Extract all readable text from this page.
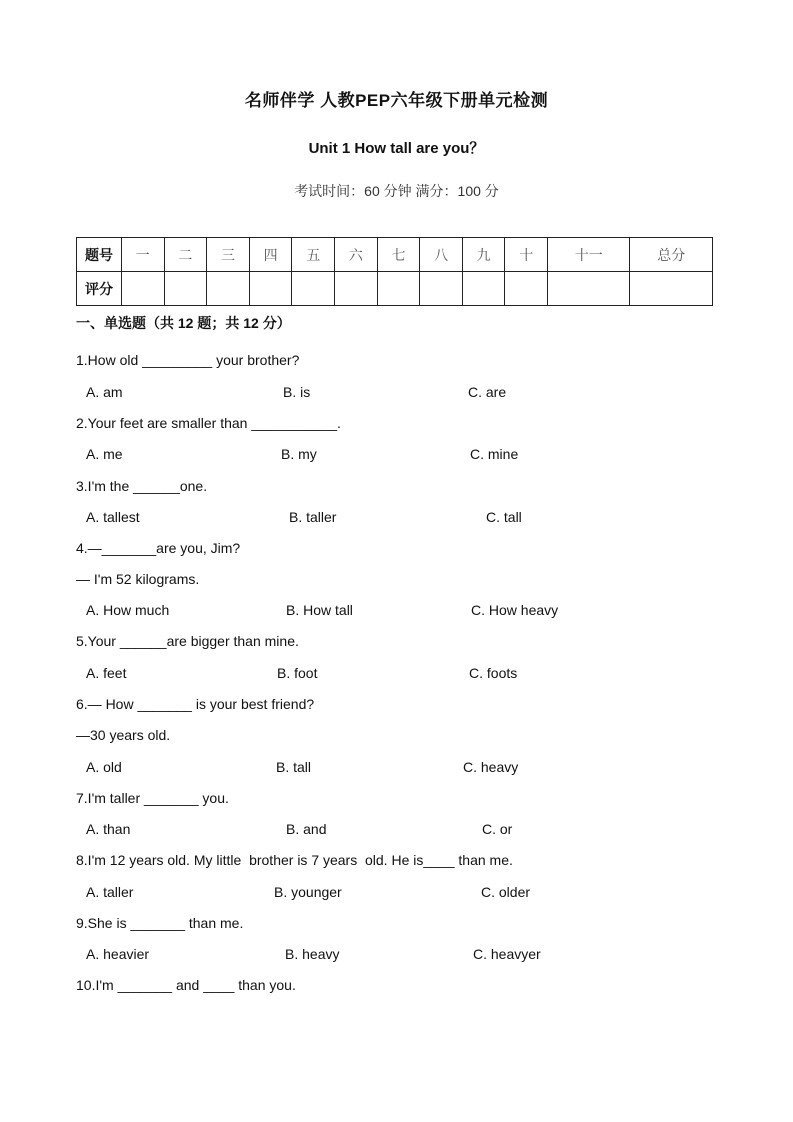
名师伴学 人教PEP六年级下册单元检测
Unit 1 How tall are you？
考试时间：60 分钟 满分：100 分
题号	一	二	三	四	五	六	七	八	九	十	十一	总分
评分												
一、单选题（共 12 题；共 12 分）
1.How old _________ your brother?
A. am	B. is	C. are
2.Your feet are smaller than ___________.
A. me	B. my	C. mine
3.I'm the ______one.
A. tallest	B. taller	C. tall
4.—_______are you, Jim?
— I'm 52 kilograms.
A. How much	B. How tall	C. How heavy
5.Your ______are bigger than mine.
A. feet	B. foot	C. foots
6.— How _______ is your best friend?
—30 years old.
A. old	B. tall	C. heavy
7.I'm taller _______ you.
A. than	B. and	C. or
8.I'm 12 years old. My little  brother is 7 years  old. He is____ than me.
A. taller	B. younger	C. older
9.She is _______ than me.
A. heavier	B. heavy	C. heavyer
10.I'm _______ and ____ than you.
